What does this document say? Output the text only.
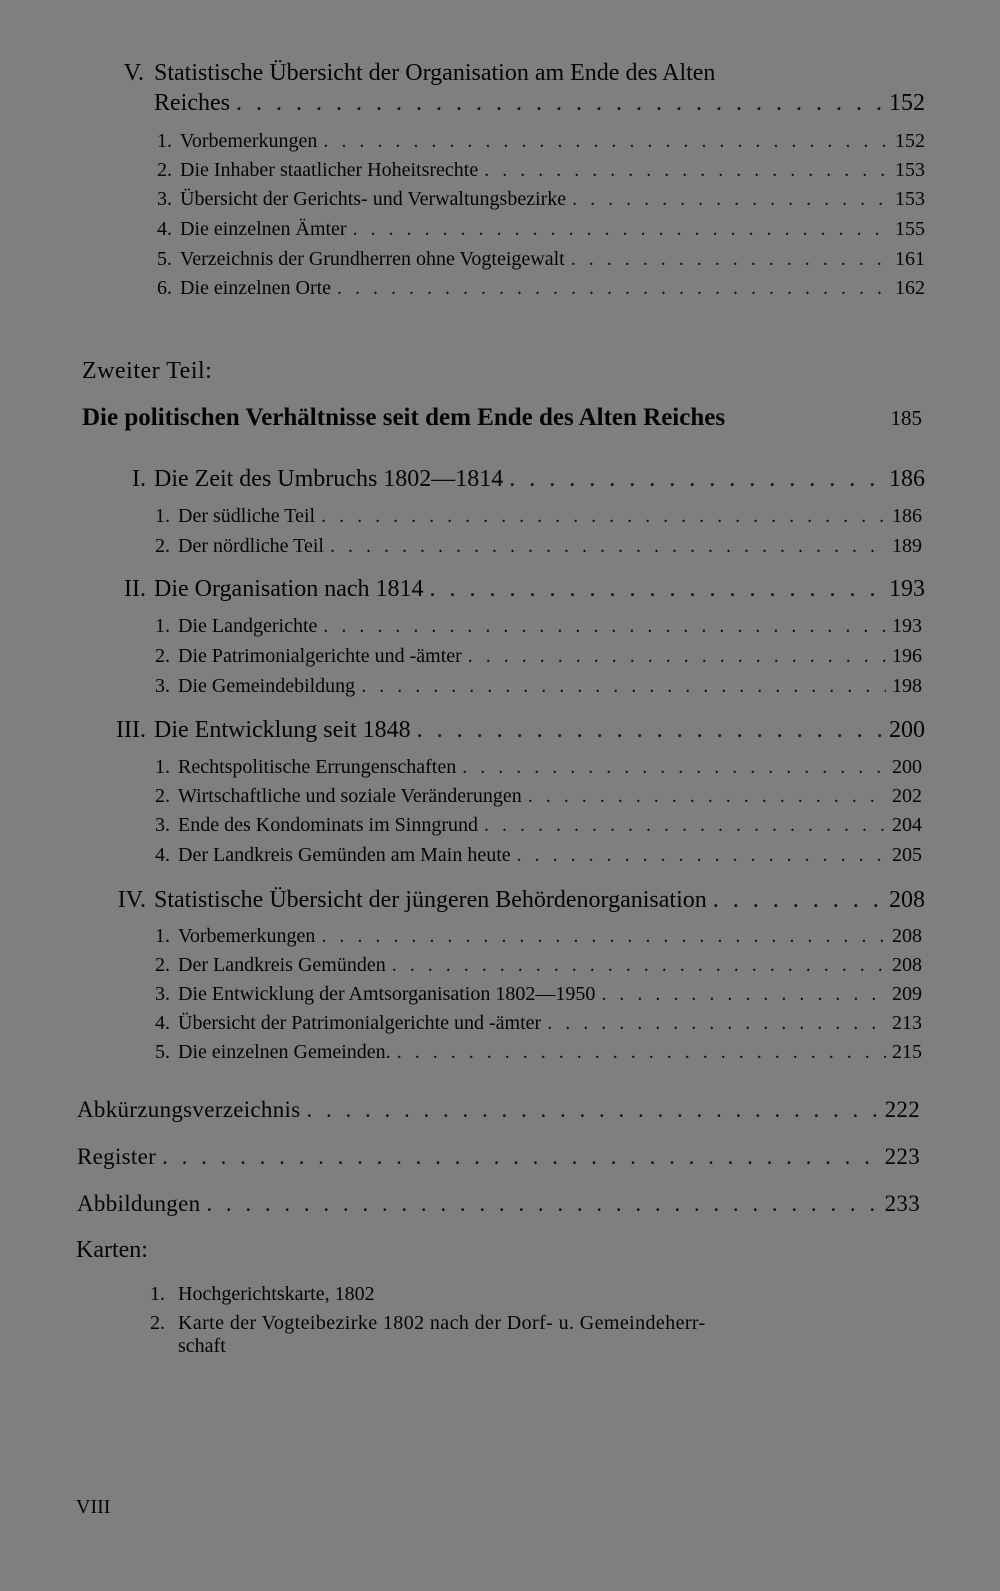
V. Statistische Übersicht der Organisation am Ende des Alten
Reiches . . .	152
1. Vorbemerkungen . . .	152
2. Die Inhaber staatlicher Hoheitsrechte . . .	153
3. Übersicht der Gerichts- und Verwaltungsbezirke . . .	153
4. Die einzelnen Ämter . . .	155
5. Verzeichnis der Grundherren ohne Vogteigewalt . . .	161
6. Die einzelnen Orte . . .	162
I. Die Zeit des Umbruchs 1802—1814 . . .	186
1. Der südliche Teil . . .	186
2. Der nördliche Teil . . .	189
II. Die Organisation nach 1814 . . .	193
1. Die Landgerichte . . .	193
2. Die Patrimonialgerichte und -ämter . . .	196
3. Die Gemeindebildung . . .	198
III. Die Entwicklung seit 1848 . . .	200
1. Rechtspolitische Errungenschaften . . .	200
2. Wirtschaftliche und soziale Veränderungen . . .	202
3. Ende des Kondominats im Sinngrund . . .	204
4. Der Landkreis Gemünden am Main heute . . .	205
IV. Statistische Übersicht der jüngeren Behördenorganisation . . .	208
1. Vorbemerkungen . . .	208
2. Der Landkreis Gemünden . . .	208
3. Die Entwicklung der Amtsorganisation 1802—1950 . . .	209
4. Übersicht der Patrimonialgerichte und -ämter . . .	213
5. Die einzelnen Gemeinden. . . .	215
Abkürzungsverzeichnis . . .	222
Register . . .	223
Abbildungen . . .	233
Zweiter Teil:
Die politischen Verhältnisse seit dem Ende des Alten Reiches	185
Karten:
1. Hochgerichtskarte, 1802
2. Karte der Vogteibezirke 1802 nach der Dorf- u. Gemeindeherr-
schaft
VIII
